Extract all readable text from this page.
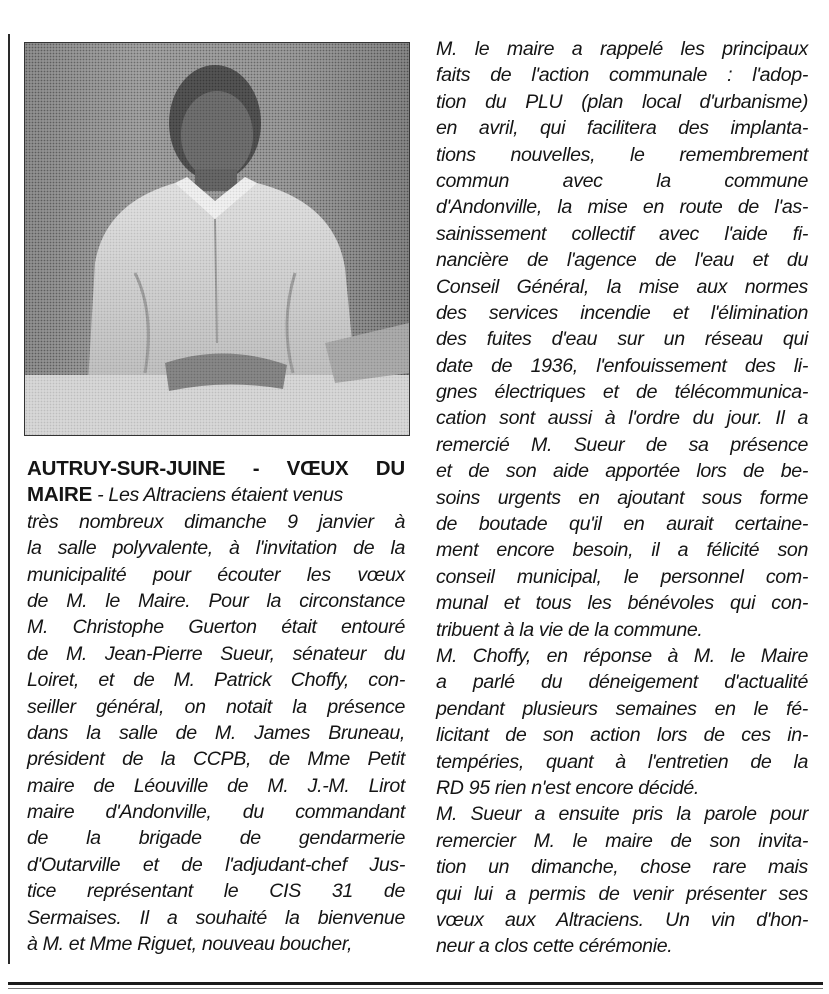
AUTRUY-SUR-JUINE - VŒUX DU
MAIRE - Les Altraciens étaient venus
très nombreux dimanche 9 janvier à
la salle polyvalente, à l'invitation de la
municipalité pour écouter les vœux
de M. le Maire. Pour la circonstance
M. Christophe Guerton était entouré
de M. Jean-Pierre Sueur, sénateur du
Loiret, et de M. Patrick Choffy, con-
seiller général, on notait la présence
dans la salle de M. James Bruneau,
président de la CCPB, de Mme Petit
maire de Léouville de M. J.-M. Lirot
maire d'Andonville, du commandant
de la brigade de gendarmerie
d'Outarville et de l'adjudant-chef Jus-
tice représentant le CIS 31 de
Sermaises. Il a souhaité la bienvenue
à M. et Mme Riguet, nouveau boucher,
M. le maire a rappelé les principaux
faits de l'action communale : l'adop-
tion du PLU (plan local d'urbanisme)
en avril, qui facilitera des implanta-
tions nouvelles, le remembrement
commun avec la commune
d'Andonville, la mise en route de l'as-
sainissement collectif avec l'aide fi-
nancière de l'agence de l'eau et du
Conseil Général, la mise aux normes
des services incendie et l'élimination
des fuites d'eau sur un réseau qui
date de 1936, l'enfouissement des li-
gnes électriques et de télécommunica-
cation sont aussi à l'ordre du jour. Il a
remercié M. Sueur de sa présence
et de son aide apportée lors de be-
soins urgents en ajoutant sous forme
de boutade qu'il en aurait certaine-
ment encore besoin, il a félicité son
conseil municipal, le personnel com-
munal et tous les bénévoles qui con-
tribuent à la vie de la commune.
M. Choffy, en réponse à M. le Maire
a parlé du déneigement d'actualité
pendant plusieurs semaines en le fé-
licitant de son action lors de ces in-
tempéries, quant à l'entretien de la
RD 95 rien n'est encore décidé.
M. Sueur a ensuite pris la parole pour
remercier M. le maire de son invita-
tion un dimanche, chose rare mais
qui lui a permis de venir présenter ses
vœux aux Altraciens. Un vin d'hon-
neur a clos cette cérémonie.
